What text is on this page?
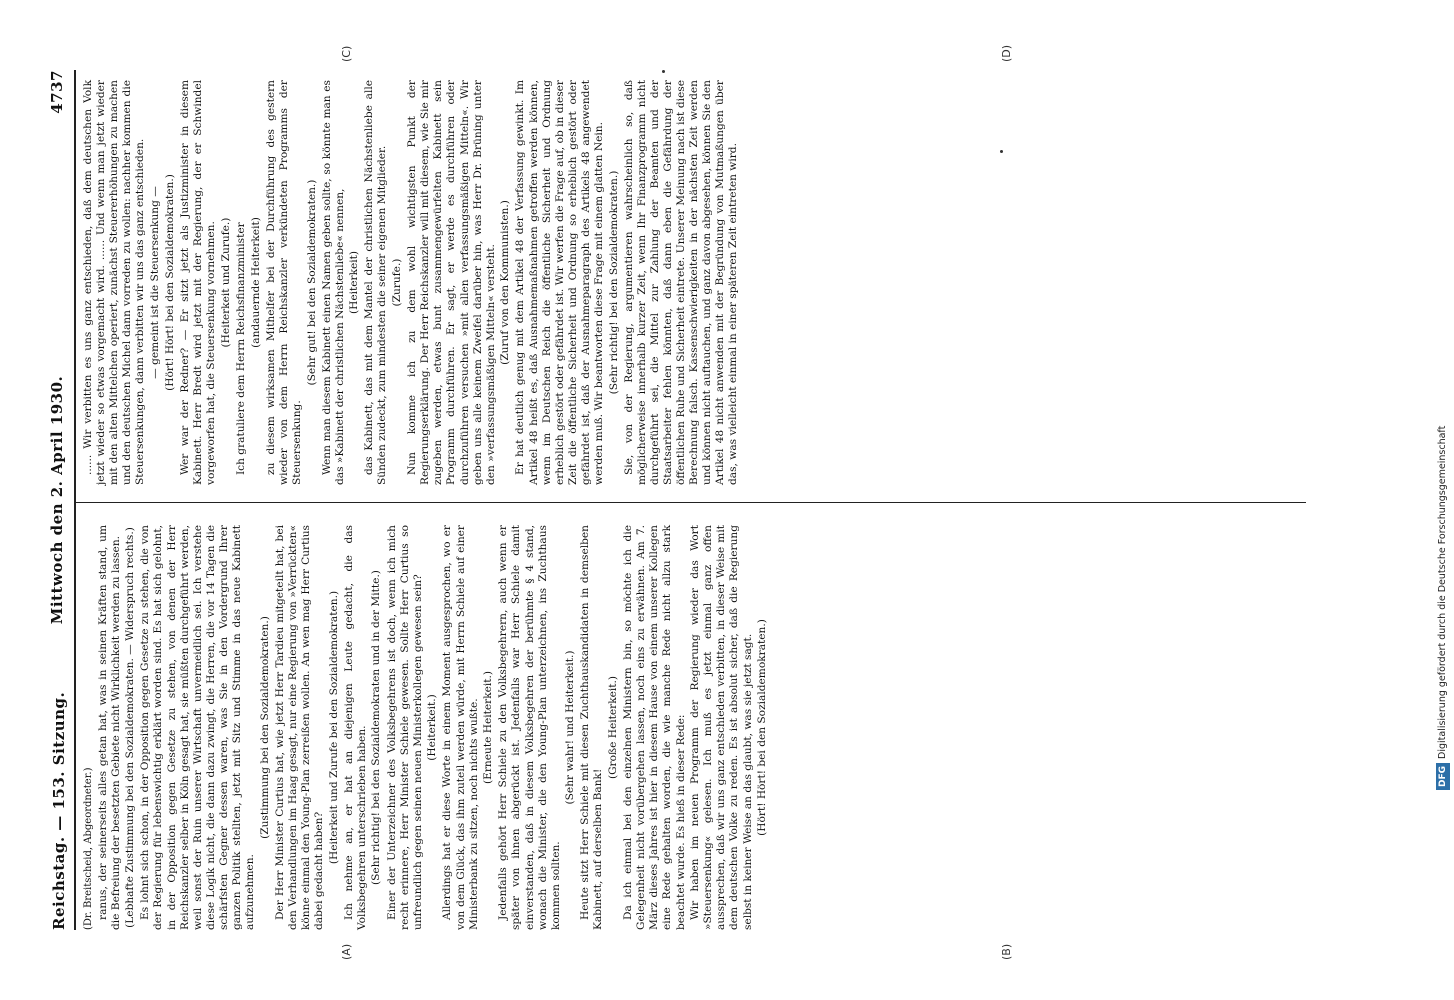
Reichstag. — 153. Sitzung.
Mittwoch den 2. April 1930.
4737

(Dr. Breitscheid, Abgeordneter.) ranus, der seinerseits alles getan hat, was in seinen Kräften stand, um die Befreiung der besetzten Gebiete nicht Wirklichkeit werden zu lassen. (Lebhafte Zustimmung bei den Sozialdemokraten. — Widerspruch rechts.) Es lohnt sich schon, in der Opposition gegen Gesetze zu stehen, die von der Regierung für lebenswichtig erklärt worden sind. Es hat sich gelohnt, in der Opposition gegen Gesetze zu stehen, von denen der Herr Reichskanzler selber in Köln gesagt hat, sie müßten durchgeführt werden, weil sonst der Ruin unserer Wirtschaft unvermeidlich sei. Ich verstehe diese Logik nicht, die dann dazu zwingt, die Herren, die vor 14 Tagen die schärfsten Gegner dessen waren, was Sie in den Vordergrund Ihrer ganzen Politik stellten, jetzt mit Sitz und Stimme in das neue Kabinett aufzunehmen.

(Zustimmung bei den Sozialdemokraten.) Der Herr Minister Curtius hat, wie jetzt Herr Tardieu mitgeteilt hat, bei den Verhandlungen im Haag gesagt, nur eine Regierung von »Verrückten« könne einmal den Young-Plan zerreißen wollen. An wen mag Herr Curtius dabei gedacht haben?

(Heiterkeit und Zurufe bei den Sozialdemokraten.) Ich nehme an, er hat an diejenigen Leute gedacht, die das Volksbegehren unterschrieben haben. (Sehr richtig! bei den Sozialdemokraten und in der Mitte.) Einer der Unterzeichner des Volksbegehrens ist doch, wenn ich mich recht erinnere, Herr Minister Schiele gewesen. Sollte Herr Curtius so unfreundlich gegen seinen neuen Ministerkollegen gewesen sein? (Heiterkeit.) Allerdings hat er diese Worte in einem Moment ausgesprochen, wo er von dem Glück, das ihm zuteil werden würde, mit Herrn Schiele auf einer Ministerbank zu sitzen, noch nichts wußte. (Erneute Heiterkeit.) Jedenfalls gehört Herr Schiele zu den Volksbegehrern, auch wenn er später von ihnen abgerückt ist. Jedenfalls war Herr Schiele damit einverstanden, daß in diesem Volksbegehren der berühmte § 4 stand, wonach die Minister, die den Young-Plan unterzeichnen, ins Zuchthaus kommen sollten.

(Sehr wahr! und Heiterkeit.) Heute sitzt Herr Schiele mit diesen Zuchthauskandidaten in demselben Kabinett, auf derselben Bank!

(Große Heiterkeit.) Da ich einmal bei den einzelnen Ministern bin, so möchte ich die Gelegenheit nicht vorübergehen lassen, noch eins zu erwähnen. Am 7. März dieses Jahres ist hier in diesem Hause von einem unserer Kollegen eine Rede gehalten worden, die wie manche Rede nicht allzu stark beachtet wurde. Es hieß in dieser Rede: Wir haben im neuen Programm der Regierung wieder das Wort »Steuersenkung« gelesen. Ich muß es jetzt einmal ganz offen aussprechen, daß wir uns ganz entschieden verbitten, in dieser Weise mit dem deutschen Volke zu reden. Es ist absolut sicher, daß die Regierung selbst in keiner Weise an das glaubt, was sie jetzt sagt. (Hört! Hört! bei den Sozialdemokraten.)

...... Wir verbitten es uns ganz entschieden, daß dem deutschen Volk jetzt wieder so etwas vorgemacht wird. ...... Und wenn man jetzt wieder mit den alten Mittelchen operiert, zunächst Steuererhöhungen zu machen und den deutschen Michel dann vorreden zu wollen: nachher kommen die Steuersenkungen, dann verbitten wir uns das ganz entschieden. — gemeint ist die Steuersenkung — (Hört! Hört! bei den Sozialdemokraten.) Wer war der Redner? — Er sitzt jetzt als Justizminister in diesem Kabinett. Herr Bredt wird jetzt mit der Regierung, der er Schwindel vorgeworfen hat, die Steuersenkung vornehmen. (Heiterkeit und Zurufe.) Ich gratuliere dem Herrn Reichsfinanzminister (andauernde Heiterkeit) zu diesem wirksamen Mithelfer bei der Durchführung des gestern wieder von dem Herrn Reichskanzler verkündeten Programms der Steuersenkung.

(Sehr gut! bei den Sozialdemokraten.) Wenn man diesem Kabinett einen Namen geben sollte, so könnte man es das »Kabinett der christlichen Nächstenliebe« nennen, (Heiterkeit) das Kabinett, das mit dem Mantel der christlichen Nächstenliebe alle Sünden zudeckt, zum mindesten die seiner eigenen Mitglieder. (Zurufe.) Nun komme ich zu dem wohl wichtigsten Punkt der Regierungserklärung. Der Herr Reichskanzler will mit diesem, wie Sie mir zugeben werden, etwas bunt zusammengewürfelten Kabinett sein Programm durchführen. Er sagt, er werde es durchführen oder durchzuführen versuchen »mit allen verfassungsmäßigen Mitteln«. Wir geben uns alle keinem Zweifel darüber hin, was Herr Dr. Brüning unter den »verfassungsmäßigen Mitteln« versteht. (Zuruf von den Kommunisten.) Er hat deutlich genug mit dem Artikel 48 der Verfassung gewinkt. Im Artikel 48 heißt es, daß Ausnahmemaßnahmen getroffen werden können, wenn im Deutschen Reich die öffentliche Sicherheit und Ordnung erheblich gestört oder gefährdet ist. Wir werfen die Frage auf, ob in dieser Zeit die öffentliche Sicherheit und Ordnung so erheblich gestört oder gefährdet ist, daß der Ausnahmeparagraph des Artikels 48 angewendet werden muß. Wir beantworten diese Frage mit einem glatten Nein. (Sehr richtig! bei den Sozialdemokraten.) Sie, von der Regierung, argumentieren wahrscheinlich so, daß möglicherweise innerhalb kurzer Zeit, wenn Ihr Finanzprogramm nicht durchgeführt sei, die Mittel zur Zahlung der Beamten und der Staatsarbeiter fehlen könnten, daß dann eben die Gefährdung der öffentlichen Ruhe und Sicherheit eintrete. Unserer Meinung nach ist diese Berechnung falsch. Kassenschwierigkeiten in der nächsten Zeit werden und können nicht auftauchen, und ganz davon abgesehen, können Sie den Artikel 48 nicht anwenden mit der Begründung von Mutmaßungen über das, was vielleicht einmal in einer späteren Zeit eintreten wird.

(A)	(B)
(C)	(D)
DFGDigitalisierung gefördert durch die Deutsche Forschungsgemeinschaft
